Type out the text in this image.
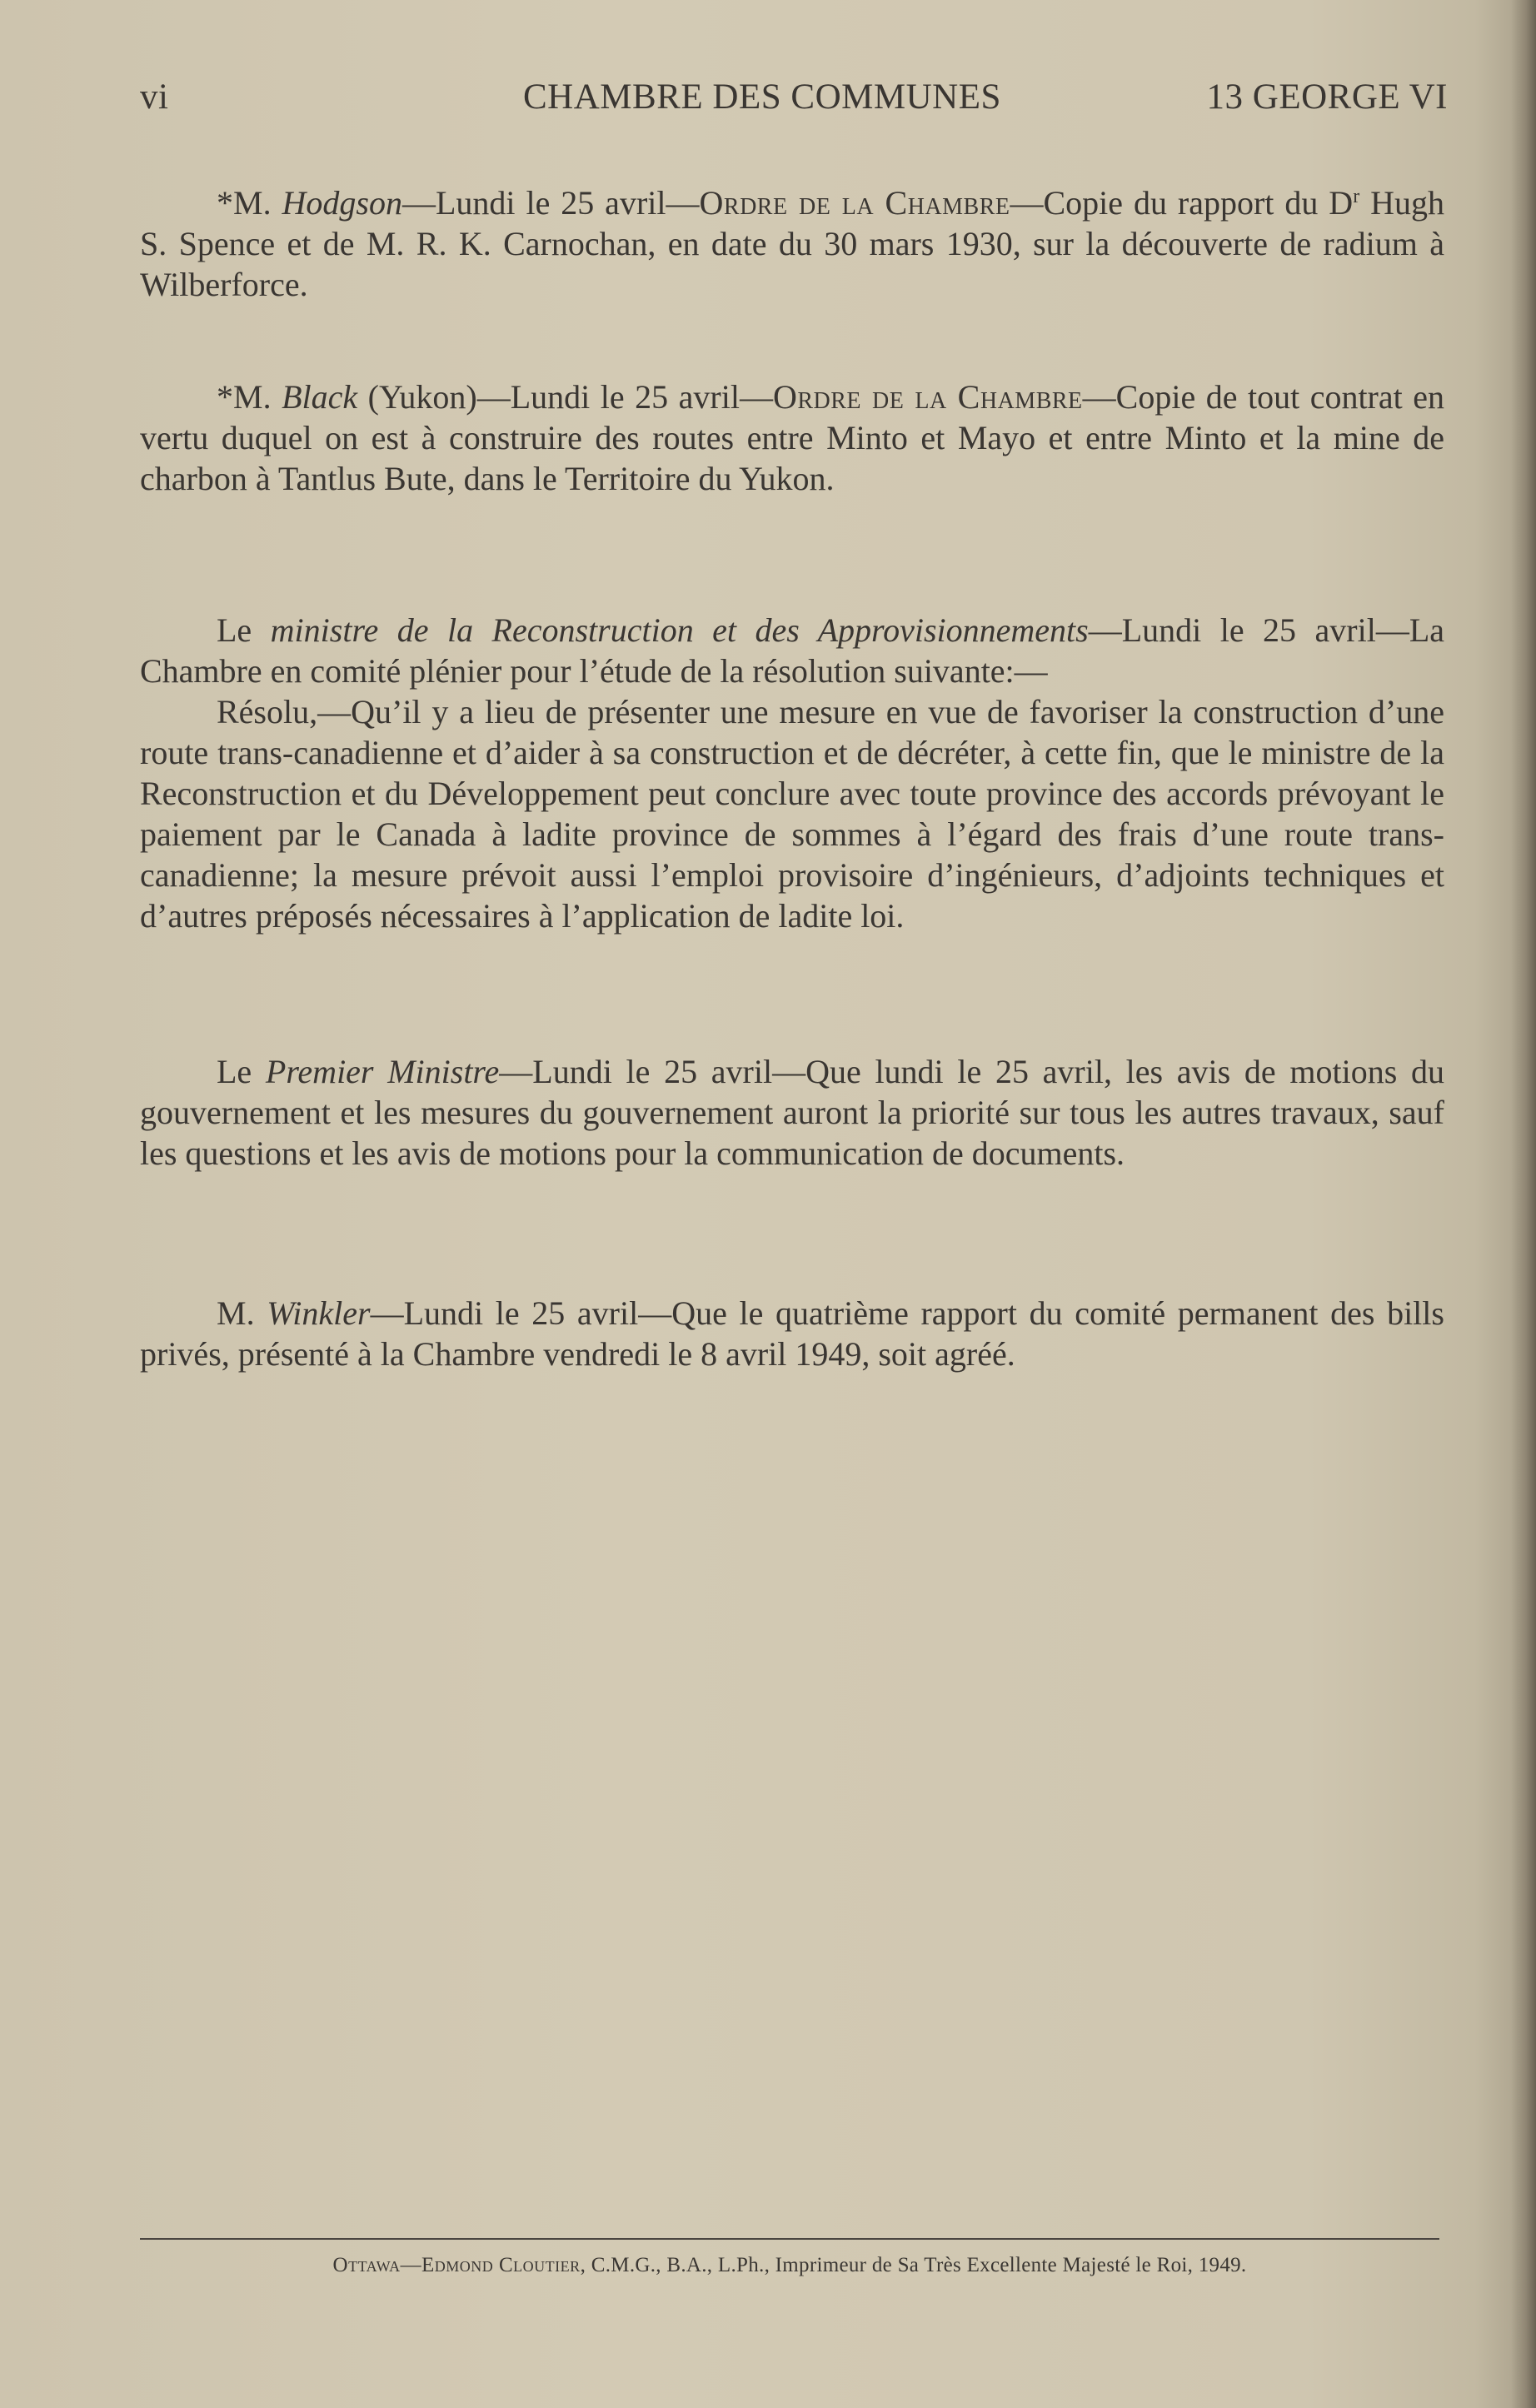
vi	CHAMBRE DES COMMUNES	13 GEORGE VI

*M. Hodgson—Lundi le 25 avril—Ordre de la Chambre—Copie du rapport du $D^r$ Hugh S. Spence et de M. R. K. Carnochan, en date du 30 mars 1930, sur la découverte de radium à Wilberforce.

*M. Black (Yukon)—Lundi le 25 avril—Ordre de la Chambre—Copie de tout contrat en vertu duquel on est à construire des routes entre Minto et Mayo et entre Minto et la mine de charbon à Tantlus Bute, dans le Territoire du Yukon.

Le ministre de la Reconstruction et des Approvisionnements—Lundi le 25 avril—La Chambre en comité plénier pour l’étude de la résolution suivante:—

Résolu,—Qu’il y a lieu de présenter une mesure en vue de favoriser la construction d’une route trans-canadienne et d’aider à sa construction et de décréter, à cette fin, que le ministre de la Reconstruction et du Développement peut conclure avec toute province des accords prévoyant le paiement par le Canada à ladite province de sommes à l’égard des frais d’une route trans-canadienne; la mesure prévoit aussi l’emploi provisoire d’ingénieurs, d’adjoints techniques et d’autres préposés nécessaires à l’application de ladite loi.

Le Premier Ministre—Lundi le 25 avril—Que lundi le 25 avril, les avis de motions du gouvernement et les mesures du gouvernement auront la priorité sur tous les autres travaux, sauf les questions et les avis de motions pour la communication de documents.

M. Winkler—Lundi le 25 avril—Que le quatrième rapport du comité permanent des bills privés, présenté à la Chambre vendredi le 8 avril 1949, soit agréé.

Ottawa—Edmond Cloutier, C.M.G., B.A., L.Ph., Imprimeur de Sa Très Excellente Majesté le Roi, 1949.
